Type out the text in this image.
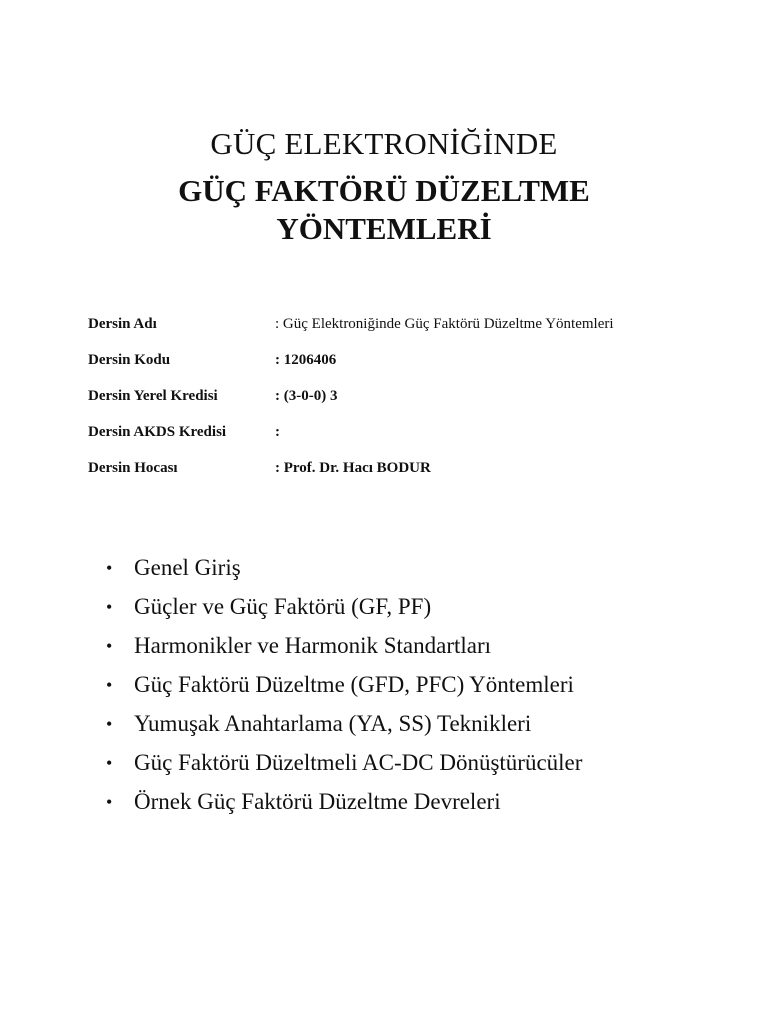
GÜÇ ELEKTRONİĞİNDE
GÜÇ FAKTÖRÜ DÜZELTME
YÖNTEMLERİ
Dersin Adı	: Güç Elektroniğinde Güç Faktörü Düzeltme Yöntemleri
Dersin Kodu	: 1206406
Dersin Yerel Kredisi	: (3-0-0) 3
Dersin AKDS Kredisi	:
Dersin Hocası	: Prof. Dr. Hacı BODUR
• Genel Giriş
• Güçler ve Güç Faktörü (GF, PF)
• Harmonikler ve Harmonik Standartları
• Güç Faktörü Düzeltme (GFD, PFC) Yöntemleri
• Yumuşak Anahtarlama (YA, SS) Teknikleri
• Güç Faktörü Düzeltmeli AC-DC Dönüştürücüler
• Örnek Güç Faktörü Düzeltme Devreleri
